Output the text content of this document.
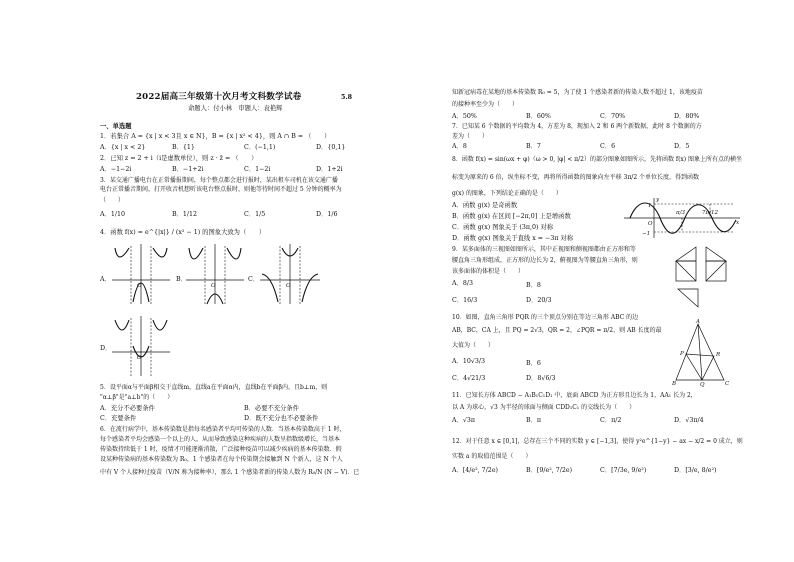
2022届高三年级第十次月考文科数学试卷	5.8
命题人：付小林　审题人：袁艳辉
一、单选题
1．若集合 A = {x | x < 3且 x ∈ N}，B = {x | x² < 4}，则 A ∩ B = （　　）
A．{x | x < 2}	B．{1}	C．(−1,1)	D．{0,1}
2．已知 z = 2 + i（i是虚数单位），则 z · z̄ = （　　）
A．−1−2i	B．−1+2i	C．1−2i	D．1+2i
3．某交通广播电台在正常播报期间，每个整点都会进行报时，某出租车司机在该交通广播
电台正常播音期间，打开收音机想听该电台整点报时，则他等待时间不超过 5 分钟的概率为
（　　）
A．1/10	B．1/12	C．1/5	D．1/6
4．函数 f(x) = e^{|x|} / (x² − 1) 的图象大致为（　　）
A．
O
B．
O
C．
O
D．
O
5．设平面α与平面β相交于直线m，直线a在平面α内，直线b在平面β内，且b⊥m，则
"α⊥β"是"a⊥b"的（　　）
A．充分不必要条件	B．必要不充分条件
C．充要条件	D．既不充分也不必要条件
6．在流行病学中，基本传染数是指每名感染者平均可传染的人数．当基本传染数高于 1 时，
每个感染者平均会感染一个以上的人，从而导致感染这种疾病的人数呈指数级增长，当基本
传染数持续低于 1 时，疫情才可能逐渐消散，广泛接种疫苗可以减少疾病的基本传染数．假
设某种传染病的基本传染数为 R₀，1 个感染者在每个传染期会接触到 N 个新人，这 N 个人
中有 V 个人接种过疫苗（V/N 称为接种率），那么 1 个感染者新的传染人数为 R₀/N (N − V)．已
知新冠病毒在某地的基本传染数 R₀ = 5，为了使 1 个感染者新的传染人数不超过 1，该地疫苗
的接种率至少为（　　）
A．50%	B．60%	C．70%	D．80%
7．已知某 6 个数据的平均数为 4，方差为 8，现加入 2 和 6 两个新数据，此时 8 个数据的方
差为（　　）
A．8	B．7	C．6	D．5
8．函数 f(x) = sin(ωx + φ)（ω > 0, |φ| < π/2）的部分图象如图所示，先将函数 f(x) 图象上所有点的横坐
标变为原来的 6 倍，纵坐标不变，再将所得函数的图象向左平移 3π/2 个单位长度，得到函数
g(x) 的图象，下列结论正确的是（　　）
A．函数 g(x) 是奇函数
B．函数 g(x) 在区间 [−2π,0] 上是增函数
C．函数 g(x) 图象关于 (3π,0) 对称
D．函数 g(x) 图象关于直线 x = −3π 对称
1
O
π/3	7π/12
−1
x
y
9．某多面体的三视图如图所示，其中正视图和侧视图都由正方形和等
腰直角三角形组成，正方形的边长为 2，俯视图为等腰直角三角形，则
该多面体的体积是（　　）
A．8/3	B．8
C．16/3	D．20/3
10．如图，直角三角形 PQR 的三个顶点分别在等边三角形 ABC 的边
AB，BC，CA 上，且 PQ = 2√3，QR = 2，∠PQR = π/2，则 AB 长度的最
大值为（　　）
A．10√3/3	B．6
C．4√21/3	D．8√6/3
A
B	C
P
Q
R
11．已知长方体 ABCD − A₁B₁C₁D₁ 中，底面 ABCD 为正方形且边长为 1，AA₁ 长为 2，
以 A 为球心，√3 为半径的球面与侧面 CDD₁C₁ 的交线长为（　　）
A．√3π	B．π	C．π/2	D．√3π/4
12．对于任意 x ∈ [0,1]，总存在三个不同的实数 y ∈ [−1,3]，使得 y²e^{1−y} − ax − x/2 = 0 成立，则
实数 a 的取值范围是（　　）
A．[4/e², 7/2e)	B．[9/e², 7/2e)	C．[7/3e, 9/e²)	D．[3/e, 8/e²)
